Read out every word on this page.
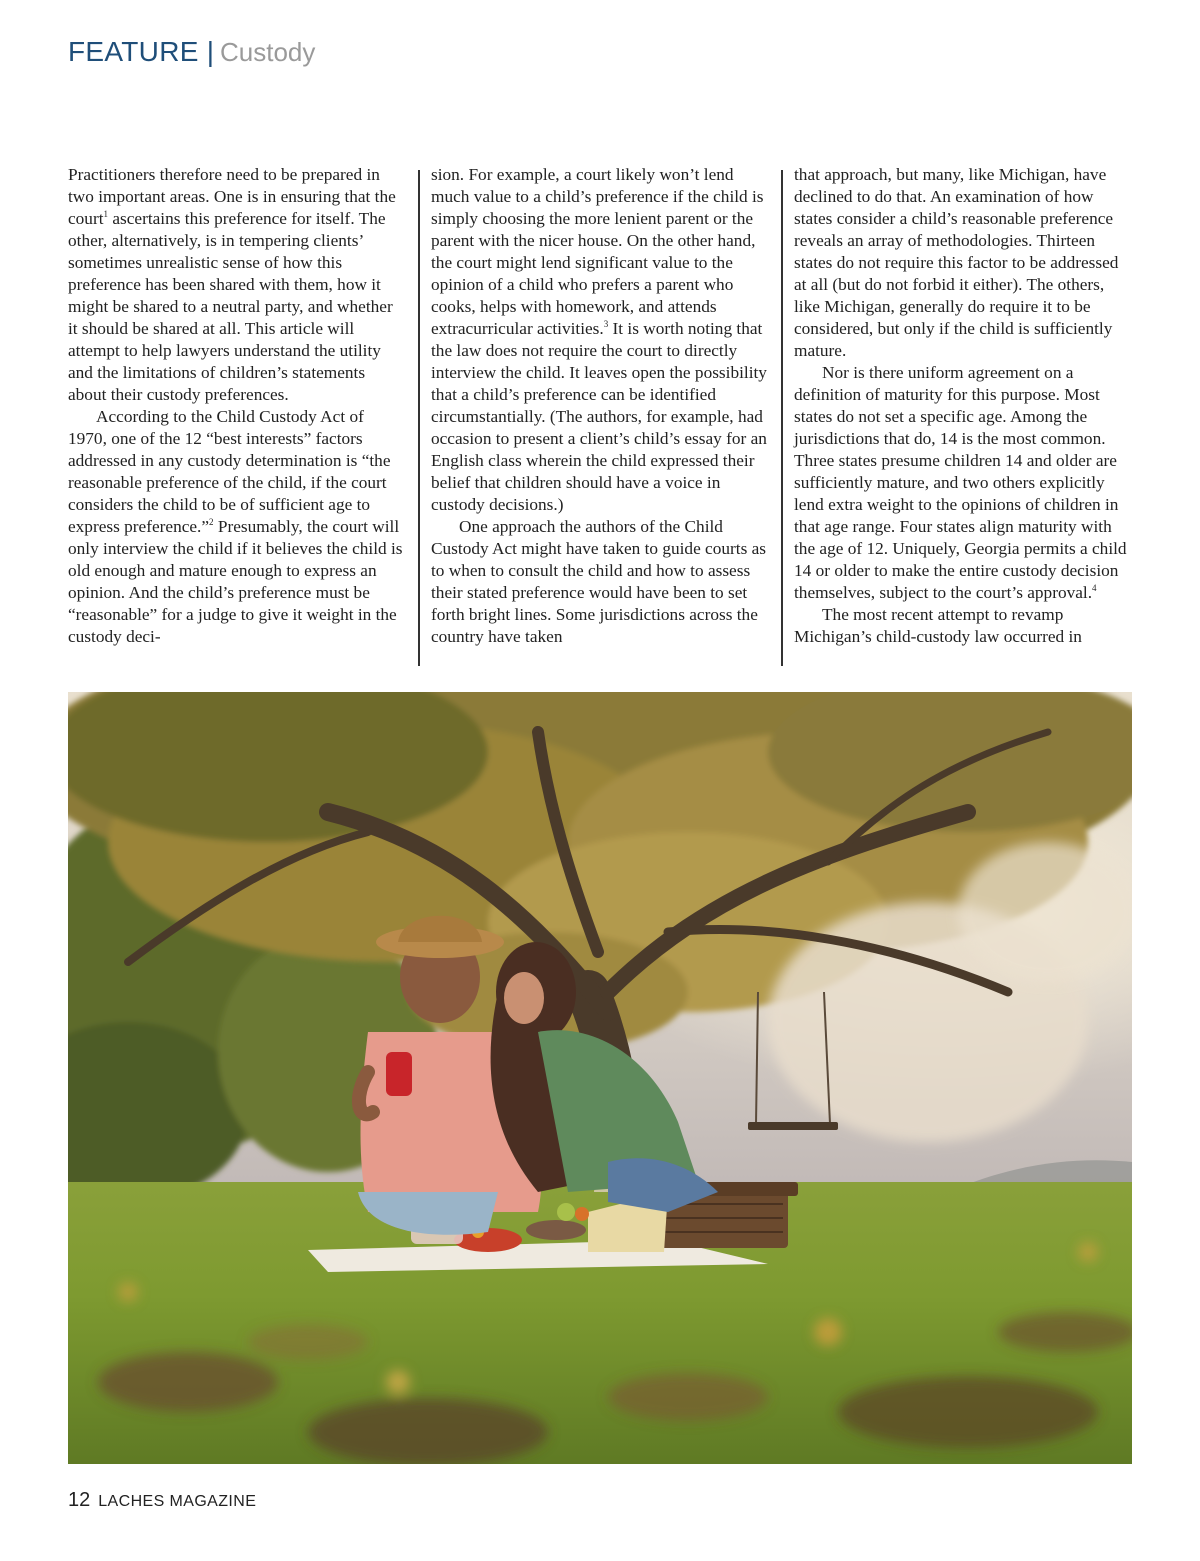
FEATURE | Custody

Practitioners therefore need to be prepared in two important areas. One is in ensuring that the court$^1$ ascertains this preference for itself. The other, alternatively, is in tempering clients’ sometimes unrealistic sense of how this preference has been shared with them, how it might be shared to a neutral party, and whether it should be shared at all. This article will attempt to help lawyers understand the utility and the limitations of children’s statements about their custody preferences.

According to the Child Custody Act of 1970, one of the 12 “best interests” factors addressed in any custody determination is “the reasonable preference of the child, if the court considers the child to be of sufficient age to express preference.”$^2$ Presumably, the court will only interview the child if it believes the child is old enough and mature enough to express an opinion. And the child’s preference must be “reasonable” for a judge to give it weight in the custody deci-

sion. For example, a court likely won’t lend much value to a child’s preference if the child is simply choosing the more lenient parent or the parent with the nicer house. On the other hand, the court might lend significant value to the opinion of a child who prefers a parent who cooks, helps with homework, and attends extracurricular activities.$^3$ It is worth noting that the law does not require the court to directly interview the child. It leaves open the possibility that a child’s preference can be identified circumstantially. (The authors, for example, had occasion to present a client’s child’s essay for an English class wherein the child expressed their belief that children should have a voice in custody decisions.)

One approach the authors of the Child Custody Act might have taken to guide courts as to when to consult the child and how to assess their stated preference would have been to set forth bright lines. Some jurisdictions across the country have taken

that approach, but many, like Michigan, have declined to do that. An examination of how states consider a child’s reasonable preference reveals an array of methodologies. Thirteen states do not require this factor to be addressed at all (but do not forbid it either). The others, like Michigan, generally do require it to be considered, but only if the child is sufficiently mature.

Nor is there uniform agreement on a definition of maturity for this purpose. Most states do not set a specific age. Among the jurisdictions that do, 14 is the most common. Three states presume children 14 and older are sufficiently mature, and two others explicitly lend extra weight to the opinions of children in that age range. Four states align maturity with the age of 12. Uniquely, Georgia permits a child 14 or older to make the entire custody decision themselves, subject to the court’s approval.$^4$

The most recent attempt to revamp Michigan’s child-custody law occurred in

12 LACHES MAGAZINE
